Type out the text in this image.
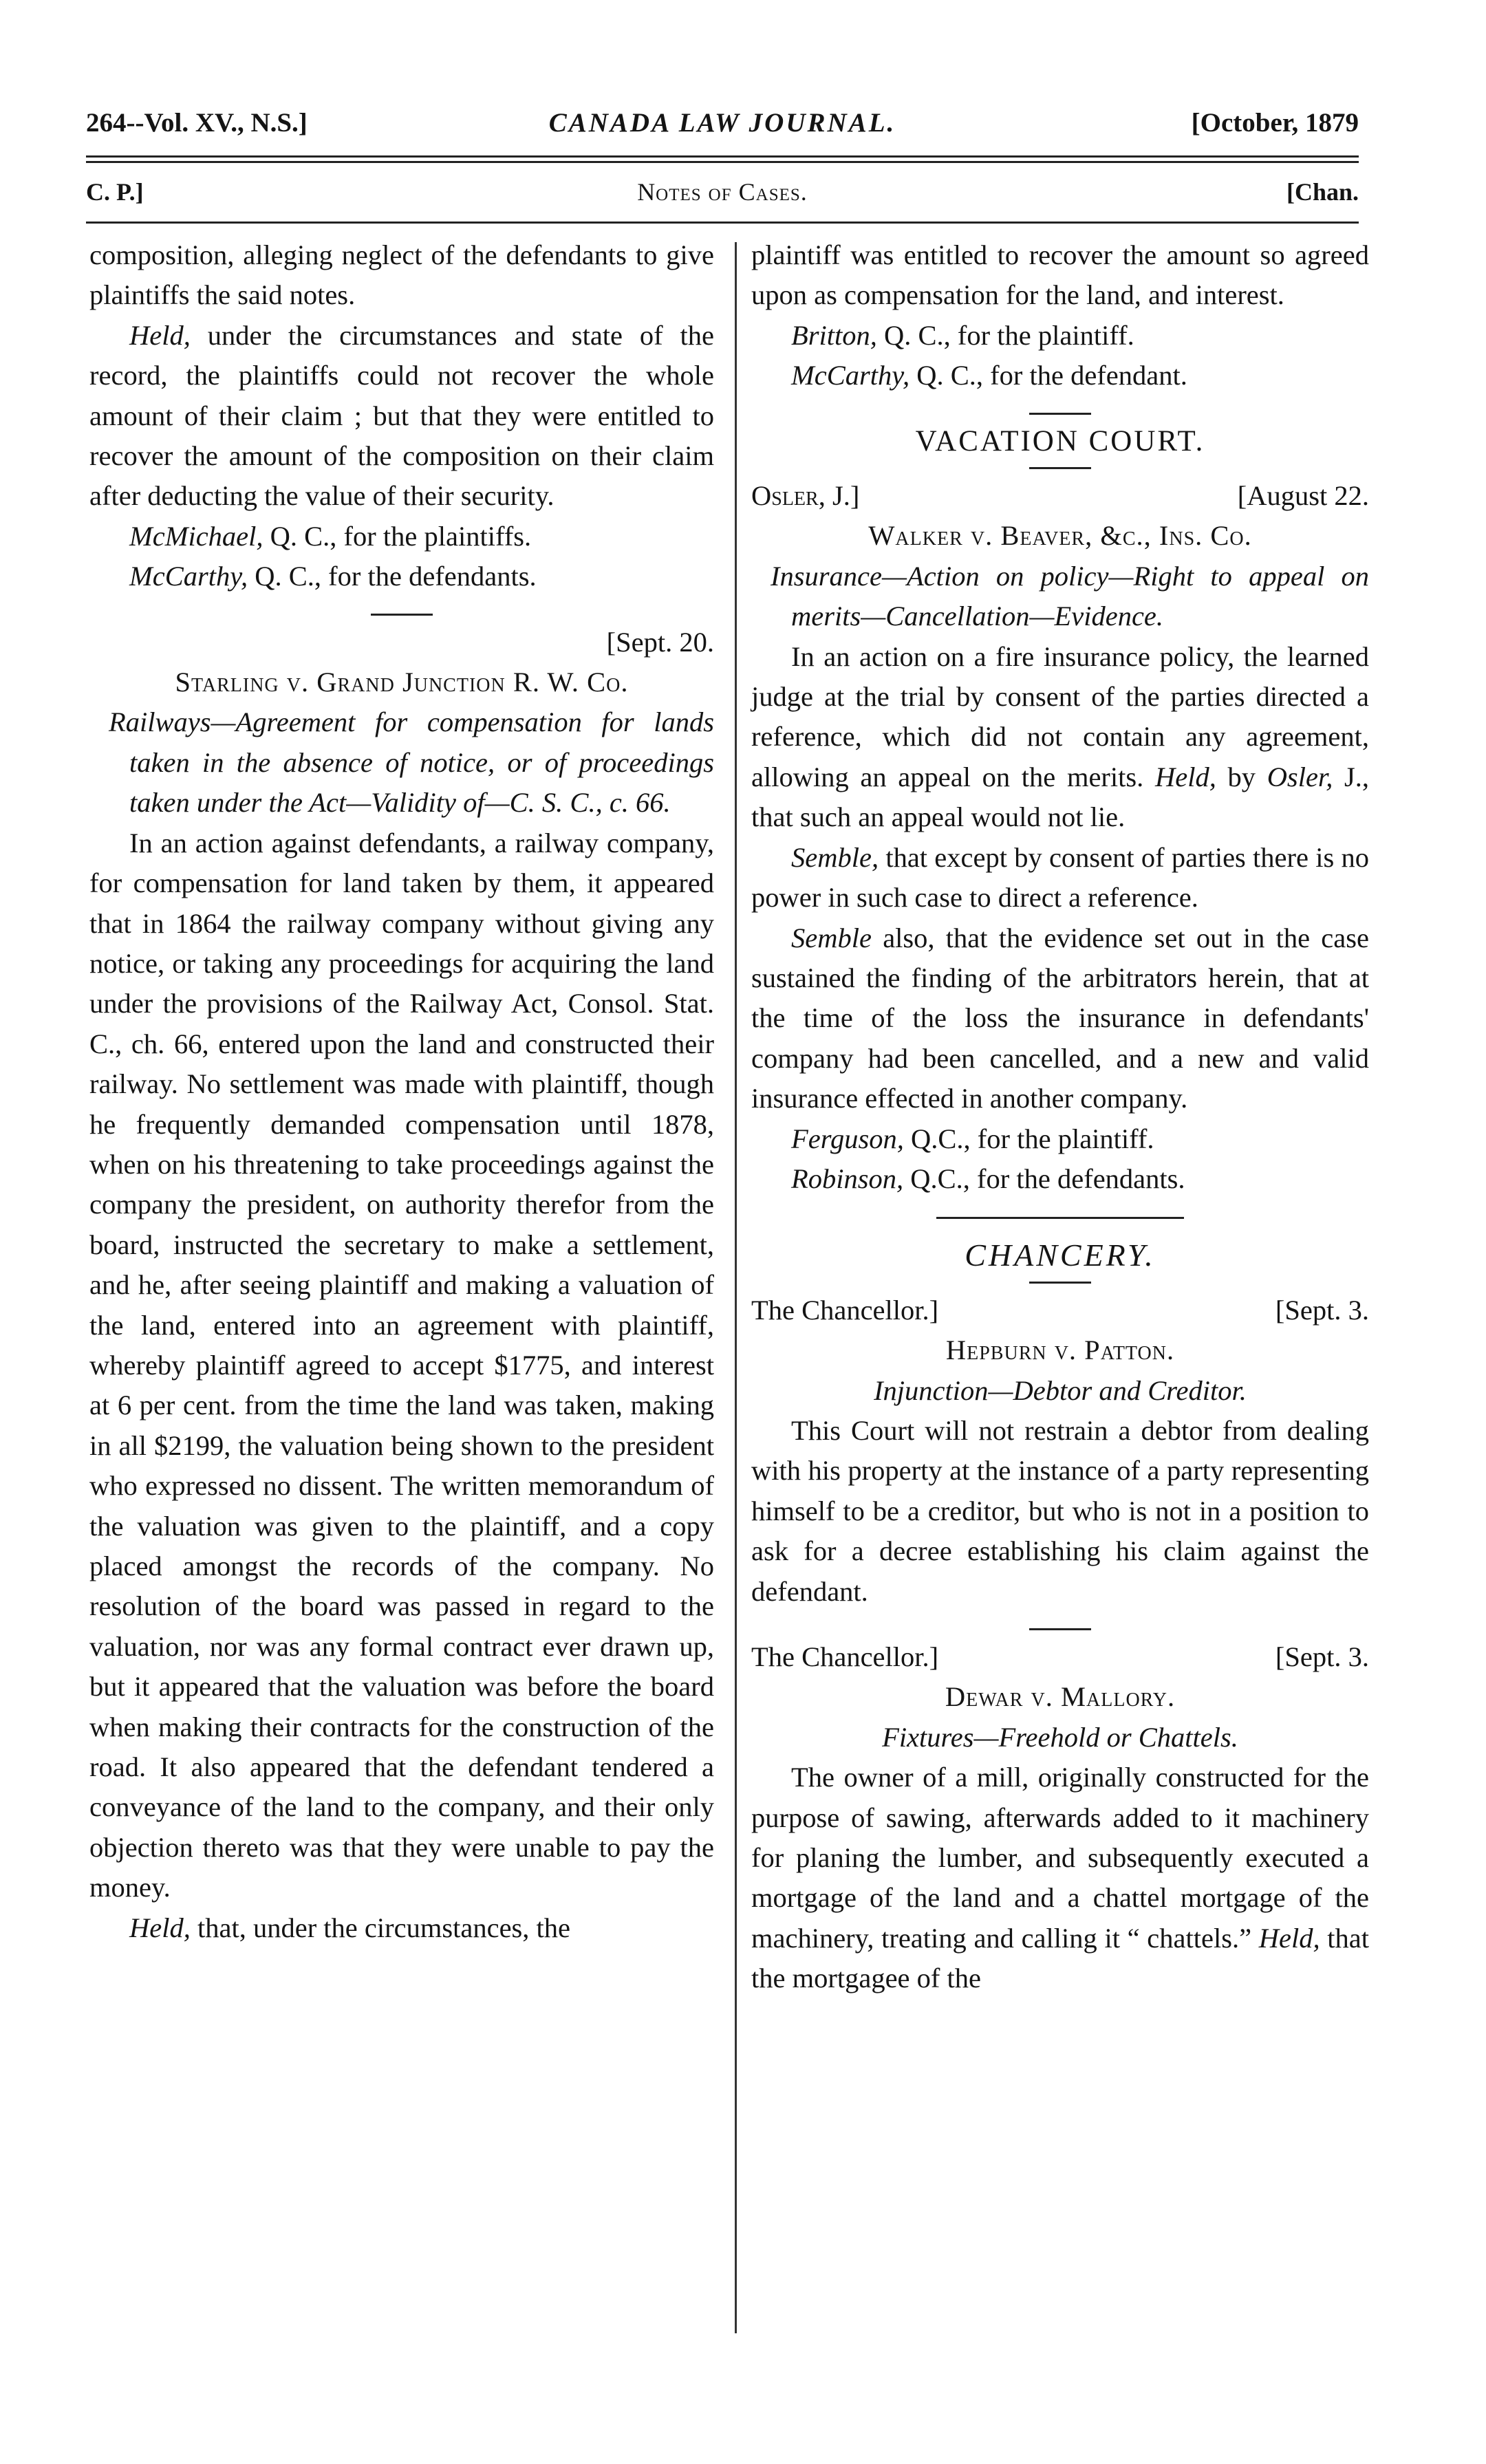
264--Vol. XV., N.S.]	CANADA LAW JOURNAL.	[October, 1879
C. P.]	Notes of Cases.	[Chan.

composition, alleging neglect of the defendants to give plaintiffs the said notes.

Held, under the circumstances and state of the record, the plaintiffs could not recover the whole amount of their claim ; but that they were entitled to recover the amount of the composition on their claim after deducting the value of their security.

McMichael, Q. C., for the plaintiffs.

McCarthy, Q. C., for the defendants.

[Sept. 20.

Starling v. Grand Junction R. W. Co.

Railways—Agreement for compensation for lands taken in the absence of notice, or of proceedings taken under the Act—Validity of—C. S. C., c. 66.

In an action against defendants, a railway company, for compensation for land taken by them, it appeared that in 1864 the railway company without giving any notice, or taking any proceedings for acquiring the land under the provisions of the Railway Act, Consol. Stat. C., ch. 66, entered upon the land and constructed their railway. No settlement was made with plaintiff, though he frequently demanded compensation until 1878, when on his threatening to take proceedings against the company the president, on authority therefor from the board, instructed the secretary to make a settlement, and he, after seeing plaintiff and making a valuation of the land, entered into an agreement with plaintiff, whereby plaintiff agreed to accept $1775, and interest at 6 per cent. from the time the land was taken, making in all $2199, the valuation being shown to the president who expressed no dissent. The written memorandum of the valuation was given to the plaintiff, and a copy placed amongst the records of the company. No resolution of the board was passed in regard to the valuation, nor was any formal contract ever drawn up, but it appeared that the valuation was before the board when making their contracts for the construction of the road. It also appeared that the defendant tendered a conveyance of the land to the company, and their only objection thereto was that they were unable to pay the money.

Held, that, under the circumstances, the

plaintiff was entitled to recover the amount so agreed upon as compensation for the land, and interest.

Britton, Q. C., for the plaintiff.

McCarthy, Q. C., for the defendant.

VACATION COURT.

Osler, J.]	[August 22.

Walker v. Beaver, &c., Ins. Co.

Insurance—Action on policy—Right to appeal on merits—Cancellation—Evidence.

In an action on a fire insurance policy, the learned judge at the trial by consent of the parties directed a reference, which did not contain any agreement, allowing an appeal on the merits. Held, by Osler, J., that such an appeal would not lie.

Semble, that except by consent of parties there is no power in such case to direct a reference.

Semble also, that the evidence set out in the case sustained the finding of the arbitrators herein, that at the time of the loss the insurance in defendants' company had been cancelled, and a new and valid insurance effected in another company.

Ferguson, Q.C., for the plaintiff.

Robinson, Q.C., for the defendants.

CHANCERY.

The Chancellor.]	[Sept. 3.

Hepburn v. Patton.

Injunction—Debtor and Creditor.

This Court will not restrain a debtor from dealing with his property at the instance of a party representing himself to be a creditor, but who is not in a position to ask for a decree establishing his claim against the defendant.

The Chancellor.]	[Sept. 3.

Dewar v. Mallory.

Fixtures—Freehold or Chattels.

The owner of a mill, originally constructed for the purpose of sawing, afterwards added to it machinery for planing the lumber, and subsequently executed a mortgage of the land and a chattel mortgage of the machinery, treating and calling it “ chattels.” Held, that the mortgagee of the
